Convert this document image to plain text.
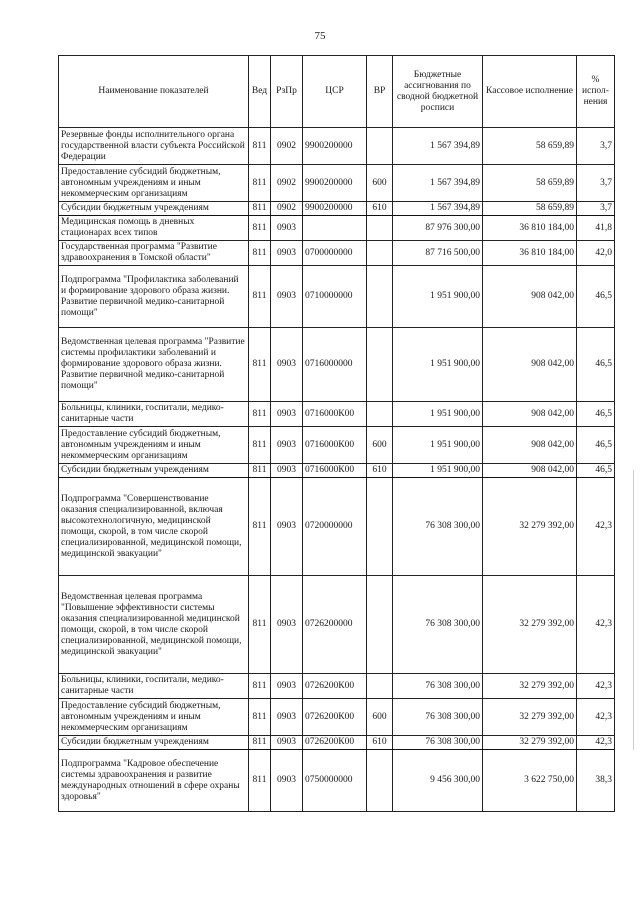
75
Наименование показателей	Вед	РзПр	ЦСР	ВР	Бюджетные ассигнования по сводной бюджетной росписи	Кассовое исполнение	% испол-нения
Резервные фонды исполнительного органа государственной власти субъекта Российской Федерации	811	0902	9900200000		1 567 394,89	58 659,89	3,7
Предоставление субсидий бюджетным, автономным учреждениям и иным некоммерческим организациям	811	0902	9900200000	600	1 567 394,89	58 659,89	3,7
Субсидии бюджетным учреждениям	811	0902	9900200000	610	1 567 394,89	58 659,89	3,7
Медицинская помощь в дневных стационарах всех типов	811	0903			87 976 300,00	36 810 184,00	41,8
Государственная программа "Развитие здравоохранения в Томской области"	811	0903	0700000000		87 716 500,00	36 810 184,00	42,0
Подпрограмма "Профилактика заболеваний и формирование здорового образа жизни. Развитие первичной медико-санитарной помощи"	811	0903	0710000000		1 951 900,00	908 042,00	46,5
Ведомственная целевая программа "Развитие системы профилактики заболеваний и формирование здорового образа жизни. Развитие первичной медико-санитарной помощи"	811	0903	0716000000		1 951 900,00	908 042,00	46,5
Больницы, клиники, госпитали, медико-санитарные части	811	0903	0716000К00		1 951 900,00	908 042,00	46,5
Предоставление субсидий бюджетным, автономным учреждениям и иным некоммерческим организациям	811	0903	0716000К00	600	1 951 900,00	908 042,00	46,5
Субсидии бюджетным учреждениям	811	0903	0716000К00	610	1 951 900,00	908 042,00	46,5
Подпрограмма "Совершенствование оказания специализированной, включая высокотехнологичную, медицинской помощи, скорой, в том числе скорой специализированной, медицинской помощи, медицинской эвакуации"	811	0903	0720000000		76 308 300,00	32 279 392,00	42,3
Ведомственная целевая программа "Повышение эффективности системы оказания специализированной медицинской помощи, скорой, в том числе скорой специализированной, медицинской помощи, медицинской эвакуации"	811	0903	0726200000		76 308 300,00	32 279 392,00	42,3
Больницы, клиники, госпитали, медико-санитарные части	811	0903	0726200К00		76 308 300,00	32 279 392,00	42,3
Предоставление субсидий бюджетным, автономным учреждениям и иным некоммерческим организациям	811	0903	0726200К00	600	76 308 300,00	32 279 392,00	42,3
Субсидии бюджетным учреждениям	811	0903	0726200К00	610	76 308 300,00	32 279 392,00	42,3
Подпрограмма "Кадровое обеспечение системы здравоохранения и развитие международных отношений в сфере охраны здоровья"	811	0903	0750000000		9 456 300,00	3 622 750,00	38,3
